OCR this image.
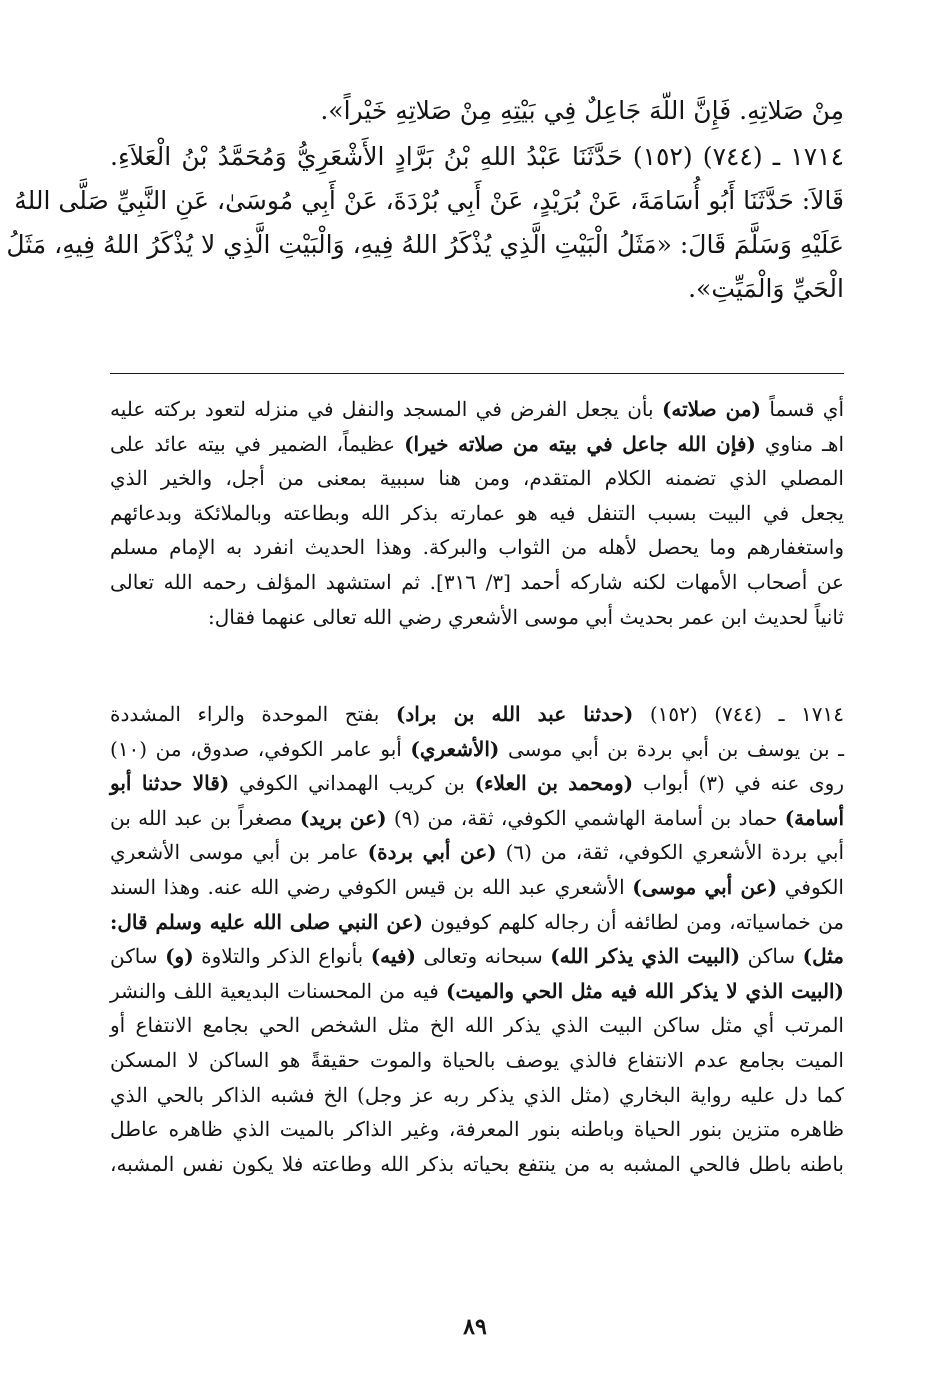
مِنْ صَلاتِهِ. فَإِنَّ اللّهَ جَاعِلٌ فِي بَيْتِهِ مِنْ صَلاتِهِ خَيْراً».
١٧١٤ ـ (٧٤٤) (١٥٢) حَدَّثَنَا عَبْدُ اللهِ بْنُ بَرَّادٍ الأَشْعَرِيُّ وَمُحَمَّدُ بْنُ الْعَلاَءِ.
قَالاَ: حَدَّثَنَا أَبُو أُسَامَةَ، عَنْ بُرَيْدٍ، عَنْ أَبِي بُرْدَةَ، عَنْ أَبِي مُوسَىٰ، عَنِ النَّبِيِّ صَلَّى اللهُ
عَلَيْهِ وَسَلَّمَ قَالَ: «مَثَلُ الْبَيْتِ الَّذِي يُذْكَرُ اللهُ فِيهِ، وَالْبَيْتِ الَّذِي لا يُذْكَرُ اللهُ فِيهِ، مَثَلُ
الْحَيِّ وَالْمَيِّتِ».
أي قسماً (من صلاته) بأن يجعل الفرض في المسجد والنفل في منزله لتعود بركته عليه
اهـ مناوي (فإن الله جاعل في بيته من صلاته خيرا) عظيماً، الضمير في بيته عائد على
المصلي الذي تضمنه الكلام المتقدم، ومن هنا سببية بمعنى من أجل، والخير الذي
يجعل في البيت بسبب التنفل فيه هو عمارته بذكر الله وبطاعته وبالملائكة وبدعائهم
واستغفارهم وما يحصل لأهله من الثواب والبركة. وهذا الحديث انفرد به الإمام مسلم
عن أصحاب الأمهات لكنه شاركه أحمد [٣/ ٣١٦]. ثم استشهد المؤلف رحمه الله تعالى
ثانياً لحديث ابن عمر بحديث أبي موسى الأشعري رضي الله تعالى عنهما فقال:
١٧١٤ ـ (٧٤٤) (١٥٢) (حدثنا عبد الله بن براد) بفتح الموحدة والراء المشددة
ـ بن يوسف بن أبي بردة بن أبي موسى (الأشعري) أبو عامر الكوفي، صدوق، من (١٠)
روى عنه في (٣) أبواب (ومحمد بن العلاء) بن كريب الهمداني الكوفي (قالا حدثنا أبو
أسامة) حماد بن أسامة الهاشمي الكوفي، ثقة، من (٩) (عن بريد) مصغراً بن عبد الله بن
أبي بردة الأشعري الكوفي، ثقة، من (٦) (عن أبي بردة) عامر بن أبي موسى الأشعري
الكوفي (عن أبي موسى) الأشعري عبد الله بن قيس الكوفي رضي الله عنه. وهذا السند
من خماسياته، ومن لطائفه أن رجاله كلهم كوفيون (عن النبي صلى الله عليه وسلم قال:
مثل) ساكن (البيت الذي يذكر الله) سبحانه وتعالى (فيه) بأنواع الذكر والتلاوة (و) ساكن
(البيت الذي لا يذكر الله فيه مثل الحي والميت) فيه من المحسنات البديعية اللف والنشر
المرتب أي مثل ساكن البيت الذي يذكر الله الخ مثل الشخص الحي بجامع الانتفاع أو
الميت بجامع عدم الانتفاع فالذي يوصف بالحياة والموت حقيقةً هو الساكن لا المسكن
كما دل عليه رواية البخاري (مثل الذي يذكر ربه عز وجل) الخ فشبه الذاكر بالحي الذي
ظاهره متزين بنور الحياة وباطنه بنور المعرفة، وغير الذاكر بالميت الذي ظاهره عاطل
باطنه باطل فالحي المشبه به من ينتفع بحياته بذكر الله وطاعته فلا يكون نفس المشبه،
٨٩
